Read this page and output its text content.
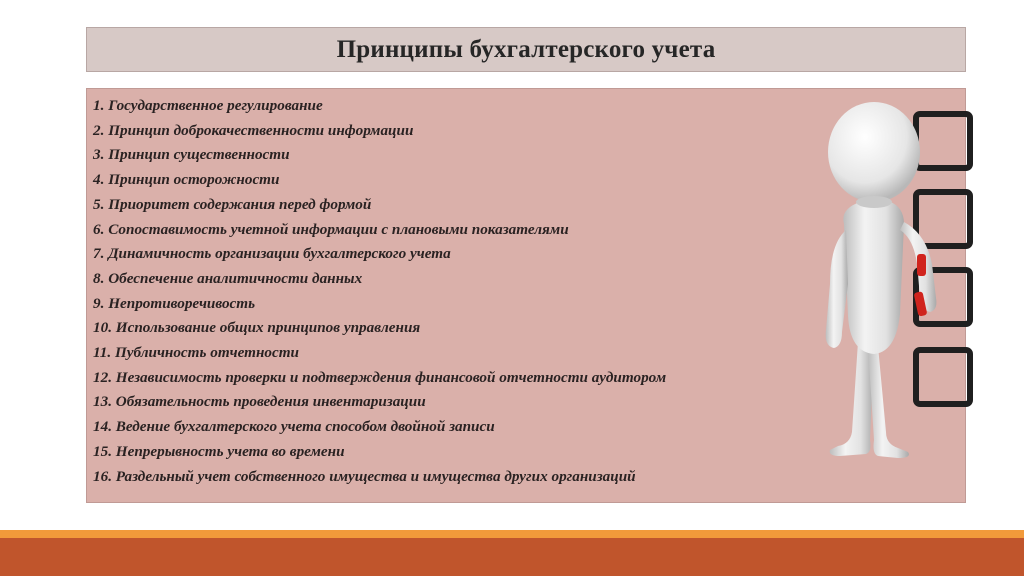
Принципы бухгалтерского учета
1. Государственное регулирование
2. Принцип доброкачественности информации
3. Принцип существенности
4. Принцип осторожности
5. Приоритет содержания перед формой
6. Сопоставимость учетной информации с плановыми показателями
7. Динамичность организации бухгалтерского учета
8. Обеспечение аналитичности данных
9. Непротиворечивость
10. Использование общих принципов управления
11. Публичность отчетности
12. Независимость проверки и подтверждения финансовой отчетности аудитором
13. Обязательность проведения инвентаризации
14. Ведение бухгалтерского учета способом двойной записи
15. Непрерывность учета во времени
16. Раздельный учет собственного имущества и имуществa других организаций
